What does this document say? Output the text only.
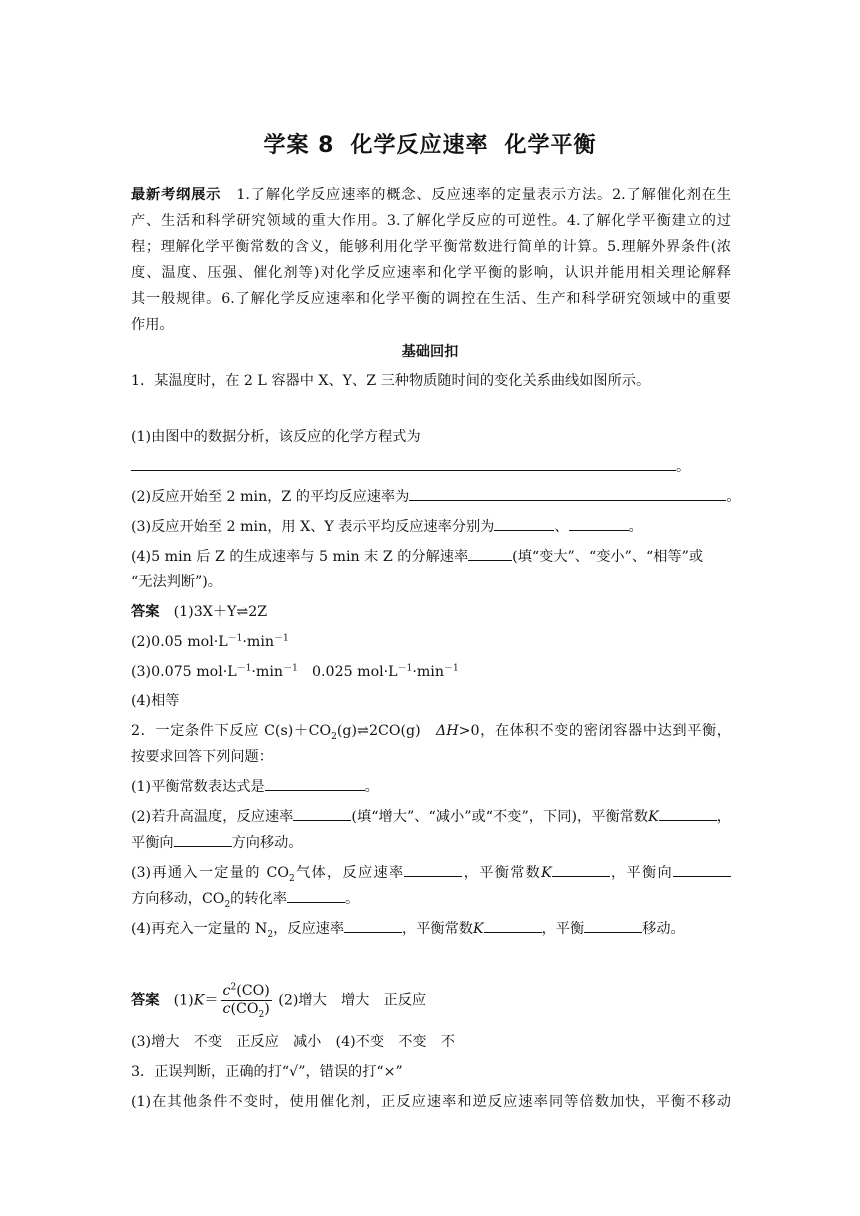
学案 8 化学反应速率 化学平衡
最新考纲展示　 1.了解化学反应速率的概念、反应速率的定量表示方法。2.了解催化剂在生
产、生活和科学研究领域的重大作用。3.了解化学反应的可逆性。4.了解化学平衡建立的过
程；理解化学平衡常数的含义，能够利用化学平衡常数进行简单的计算。5.理解外界条件(浓
度、温度、压强、催化剂等)对化学反应速率和化学平衡的影响，认识并能用相关理论解释
其一般规律。6.了解化学反应速率和化学平衡的调控在生活、生产和科学研究领域中的重要
作用。
基础回扣
1．某温度时，在 2 L 容器中 X、Y、Z 三种物质随时间的变化关系曲线如图所示。
(1)由图中的数据分析，该反应的化学方程式为
。
(2)反应开始至 2 min，Z 的平均反应速率为	。
(3)反应开始至 2 min，用 X、Y 表示平均反应速率分别为	、	。
(4)5 min 后 Z 的生成速率与 5 min 末 Z 的分解速率	(填“变大”、“变小”、“相等”或
“无法判断”)。
答案　 (1)3X＋Y⇌2Z
(2)0.05 $mol\cdot L^{-1}\cdot\min^{-1}$
(3)0.075 $mol\cdot L^{-1}\cdot\min^{-1}$　 0.025 $mol\cdot L^{-1}\cdot\min^{-1}$
(4)相等
2．一定条件下反应 $C(s)+CO_2(g)\rightleftharpoons 2CO(g)$　 ΔH>0，在体积不变的密闭容器中达到平衡，
按要求回答下列问题：
(1)平衡常数表达式是	。
(2)若升高温度，反应速率	(填“增大”、“减小”或“不变”，下同)，平衡常数K	，
平衡向	方向移动。
(3)再通入一定量的 $CO_2$气体，反应速率	，平衡常数K	，平衡向
方向移动，$CO_2$的转化率	。
(4)再充入一定量的 $N_2$，反应速率	，平衡常数K	，平衡	移动。
答案　 $(1)K= \frac{c^2(CO)}{c(CO_2)} (2)$增大　增大　正反应
(3)增大　不变　正反应　减小　(4)不变　不变　不
3．正误判断，正确的打“√”，错误的打“×”
(1)在其他条件不变时，使用催化剂，正反应速率和逆反应速率同等倍数加快，平衡不移动
